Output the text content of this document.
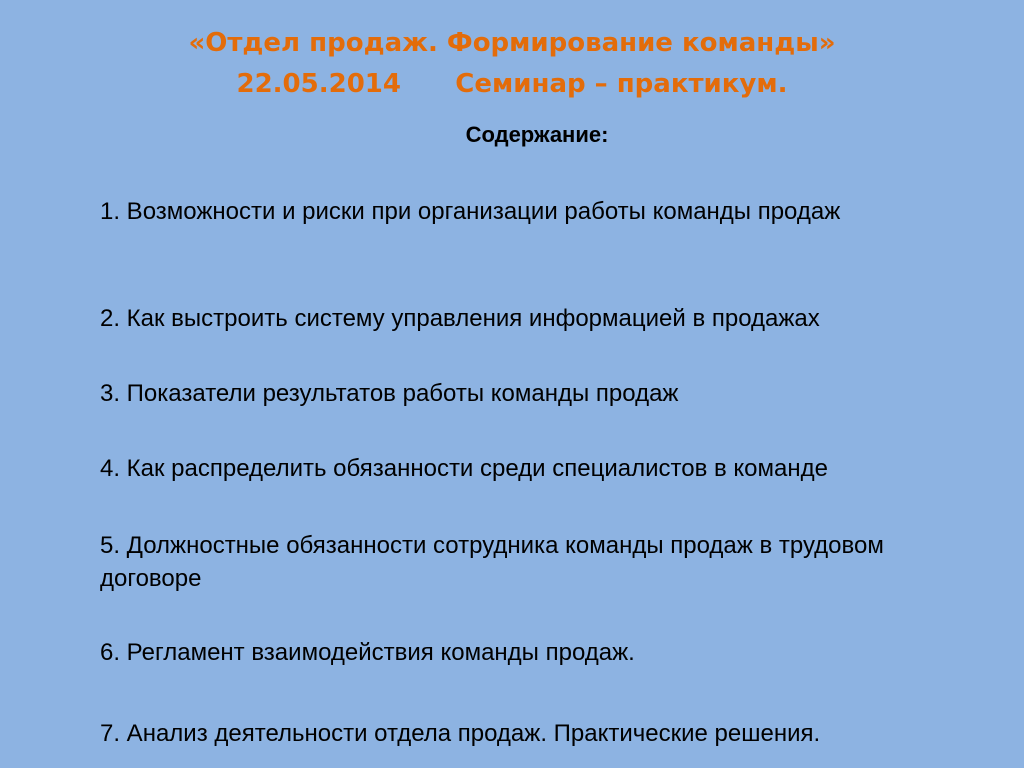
«Отдел продаж. Формирование команды»
22.05.2014      Семинар – практикум.
Содержание:
1. Возможности и риски при организации работы команды продаж
2. Как выстроить систему управления информацией в продажах
3. Показатели результатов работы команды продаж
4. Как распределить обязанности среди специалистов в команде
5. Должностные обязанности сотрудника команды продаж в трудовом договоре
6. Регламент взаимодействия команды продаж.
7. Анализ деятельности отдела продаж. Практические решения.
